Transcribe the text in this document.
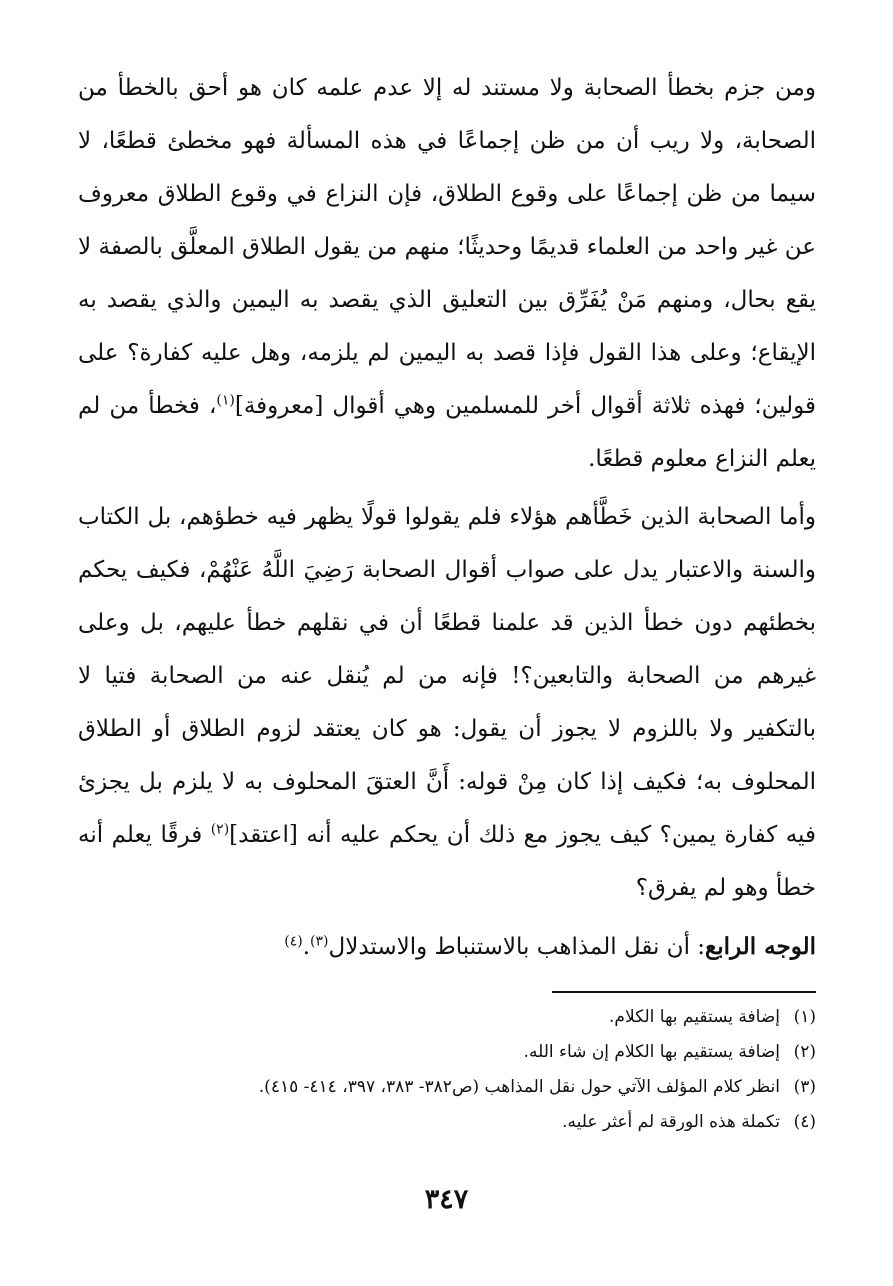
ومن جزم بخطأ الصحابة ولا مستند له إلا عدم علمه كان هو أحق بالخطأ من الصحابة، ولا ريب أن من ظن إجماعًا في هذه المسألة فهو مخطئ قطعًا، لا سيما من ظن إجماعًا على وقوع الطلاق، فإن النزاع في وقوع الطلاق معروف عن غير واحد من العلماء قديمًا وحديثًا؛ منهم من يقول الطلاق المعلَّق بالصفة لا يقع بحال، ومنهم مَنْ يُفَرِّق بين التعليق الذي يقصد به اليمين والذي يقصد به الإيقاع؛ وعلى هذا القول فإذا قصد به اليمين لم يلزمه، وهل عليه كفارة؟ على قولين؛ فهذه ثلاثة أقوال أخر للمسلمين وهي أقوال [معروفة]$^{(١)}$، فخطأ من لم يعلم النزاع معلوم قطعًا.

وأما الصحابة الذين خَطَّأهم هؤلاء فلم يقولوا قولًا يظهر فيه خطؤهم، بل الكتاب والسنة والاعتبار يدل على صواب أقوال الصحابة رَضِيَ اللَّهُ عَنْهُمْ، فكيف يحكم بخطئهم دون خطأ الذين قد علمنا قطعًا أن في نقلهم خطأ عليهم، بل وعلى غيرهم من الصحابة والتابعين؟! فإنه من لم يُنقل عنه من الصحابة فتيا لا بالتكفير ولا باللزوم لا يجوز أن يقول: هو كان يعتقد لزوم الطلاق أو الطلاق المحلوف به؛ فكيف إذا كان مِنْ قوله: أَنَّ العتقَ المحلوف به لا يلزم بل يجزئ فيه كفارة يمين؟ كيف يجوز مع ذلك أن يحكم عليه أنه [اعتقد]$^{(٢)}$ فرقًا يعلم أنه خطأ وهو لم يفرق؟

الوجه الرابع: أن نقل المذاهب بالاستنباط والاستدلال$^{(٣)}$.$^{(٤)}$
(١)إضافة يستقيم بها الكلام.
(٢)إضافة يستقيم بها الكلام إن شاء الله.
(٣)انظر كلام المؤلف الآتي حول نقل المذاهب (ص٣٨٢- ٣٨٣، ٣٩٧، ٤١٤- ٤١٥).
(٤)تكملة هذه الورقة لم أعثر عليه.
٣٤٧
